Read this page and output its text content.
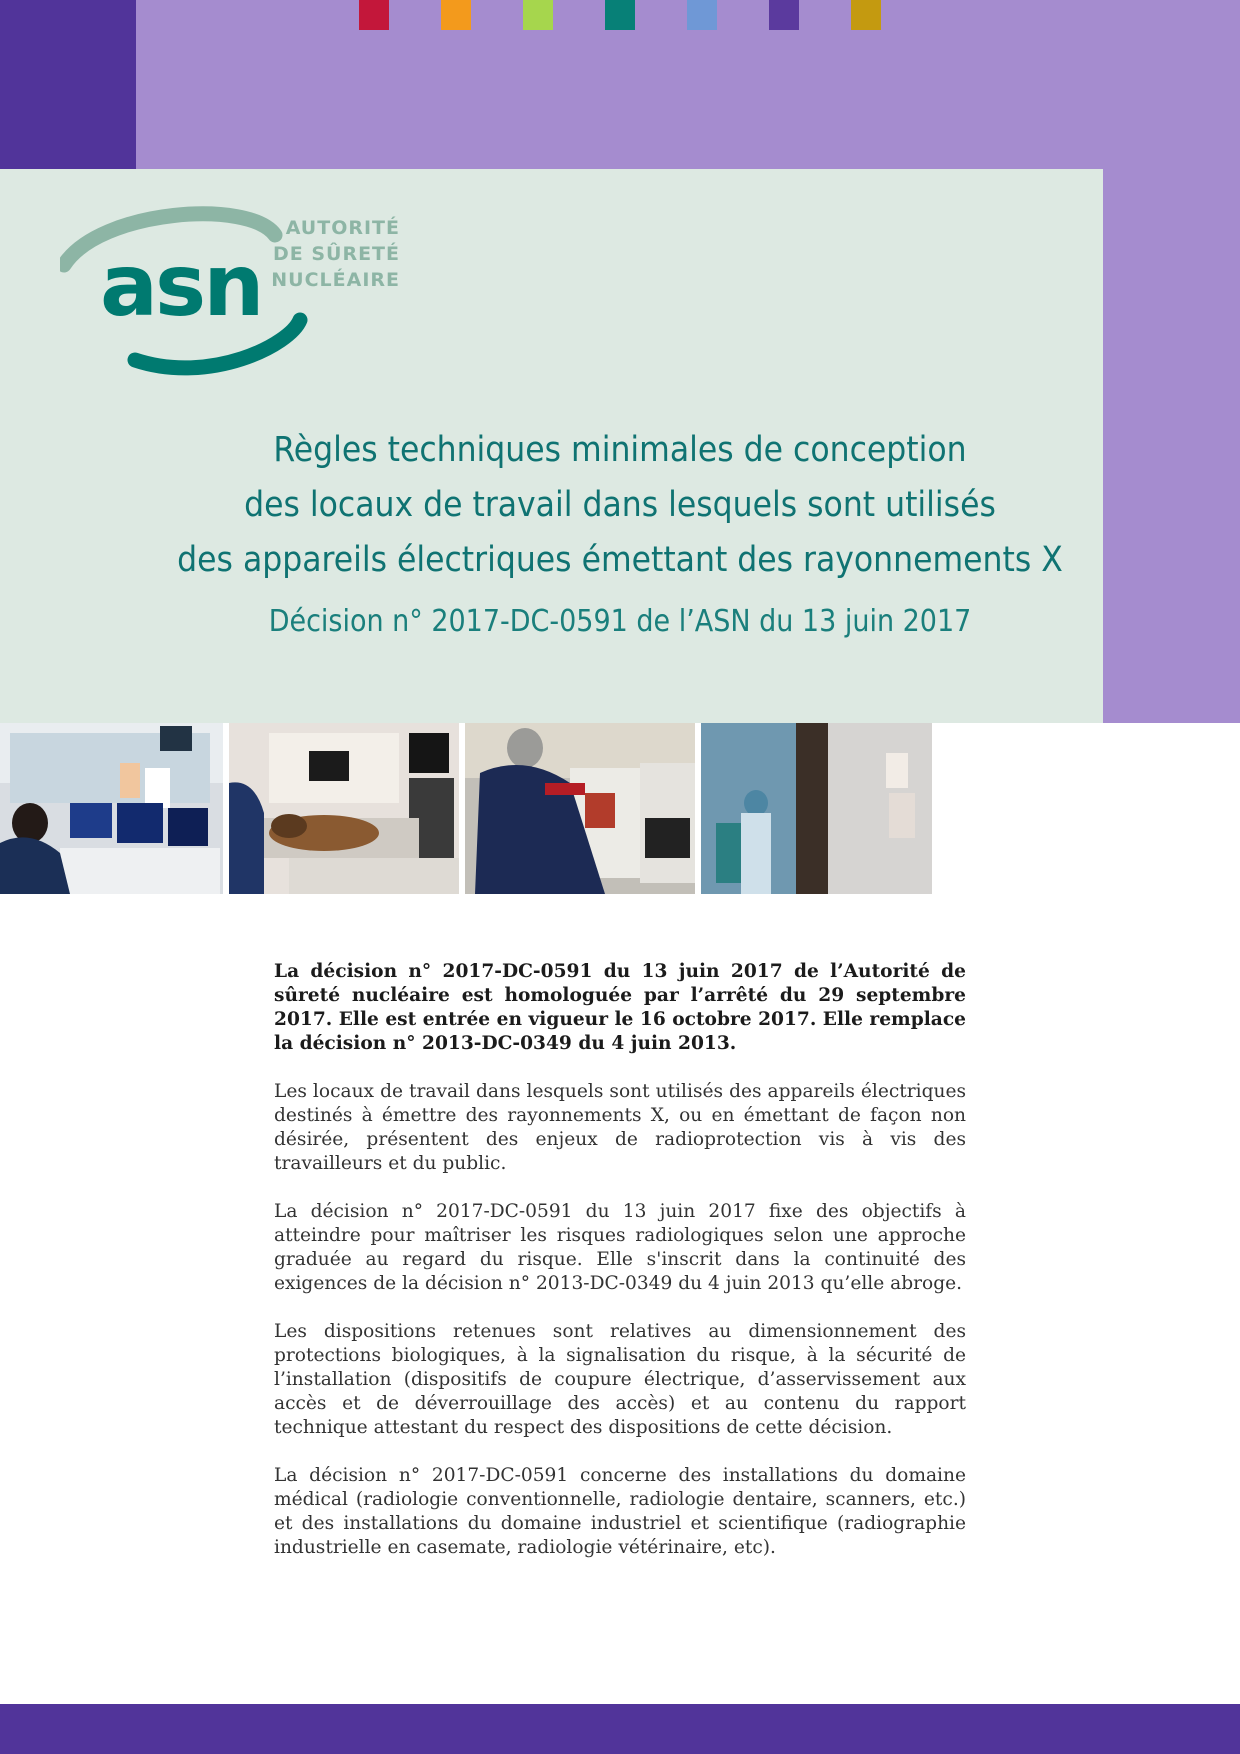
asn
AUTORITÉ
DE SÛRETÉ
NUCLÉAIRE
Règles techniques minimales de conception
des locaux de travail dans lesquels sont utilisés
des appareils électriques émettant des rayonnements X
Décision n° 2017-DC-0591 de l’ASN du 13 juin 2017

La décision n° 2017-DC-0591 du 13 juin 2017 de l’Autorité de sûreté nucléaire est homologuée par l’arrêté du 29 septembre 2017. Elle est entrée en vigueur le 16 octobre 2017. Elle remplace la décision n° 2013-DC-0349 du 4 juin 2013.

Les locaux de travail dans lesquels sont utilisés des appareils électriques destinés à émettre des rayonnements X, ou en émettant de façon non désirée, présentent des enjeux de radioprotection vis à vis des travailleurs et du public.

La décision n° 2017-DC-0591 du 13 juin 2017 fixe des objectifs à atteindre pour maîtriser les risques radiologiques selon une approche graduée au regard du risque. Elle s'inscrit dans la continuité des exigences de la décision n° 2013-DC-0349 du 4 juin 2013 qu’elle abroge.

Les dispositions retenues sont relatives au dimensionnement des protections biologiques, à la signalisation du risque, à la sécurité de l’installation (dispositifs de coupure électrique, d’asservissement aux accès et de déverrouillage des accès) et au contenu du rapport technique attestant du respect des dispositions de cette décision.

La décision n° 2017-DC-0591 concerne des installations du domaine médical (radiologie conventionnelle, radiologie dentaire, scanners, etc.) et des installations du domaine industriel et scientifique (radiographie industrielle en casemate, radiologie vétérinaire, etc).
